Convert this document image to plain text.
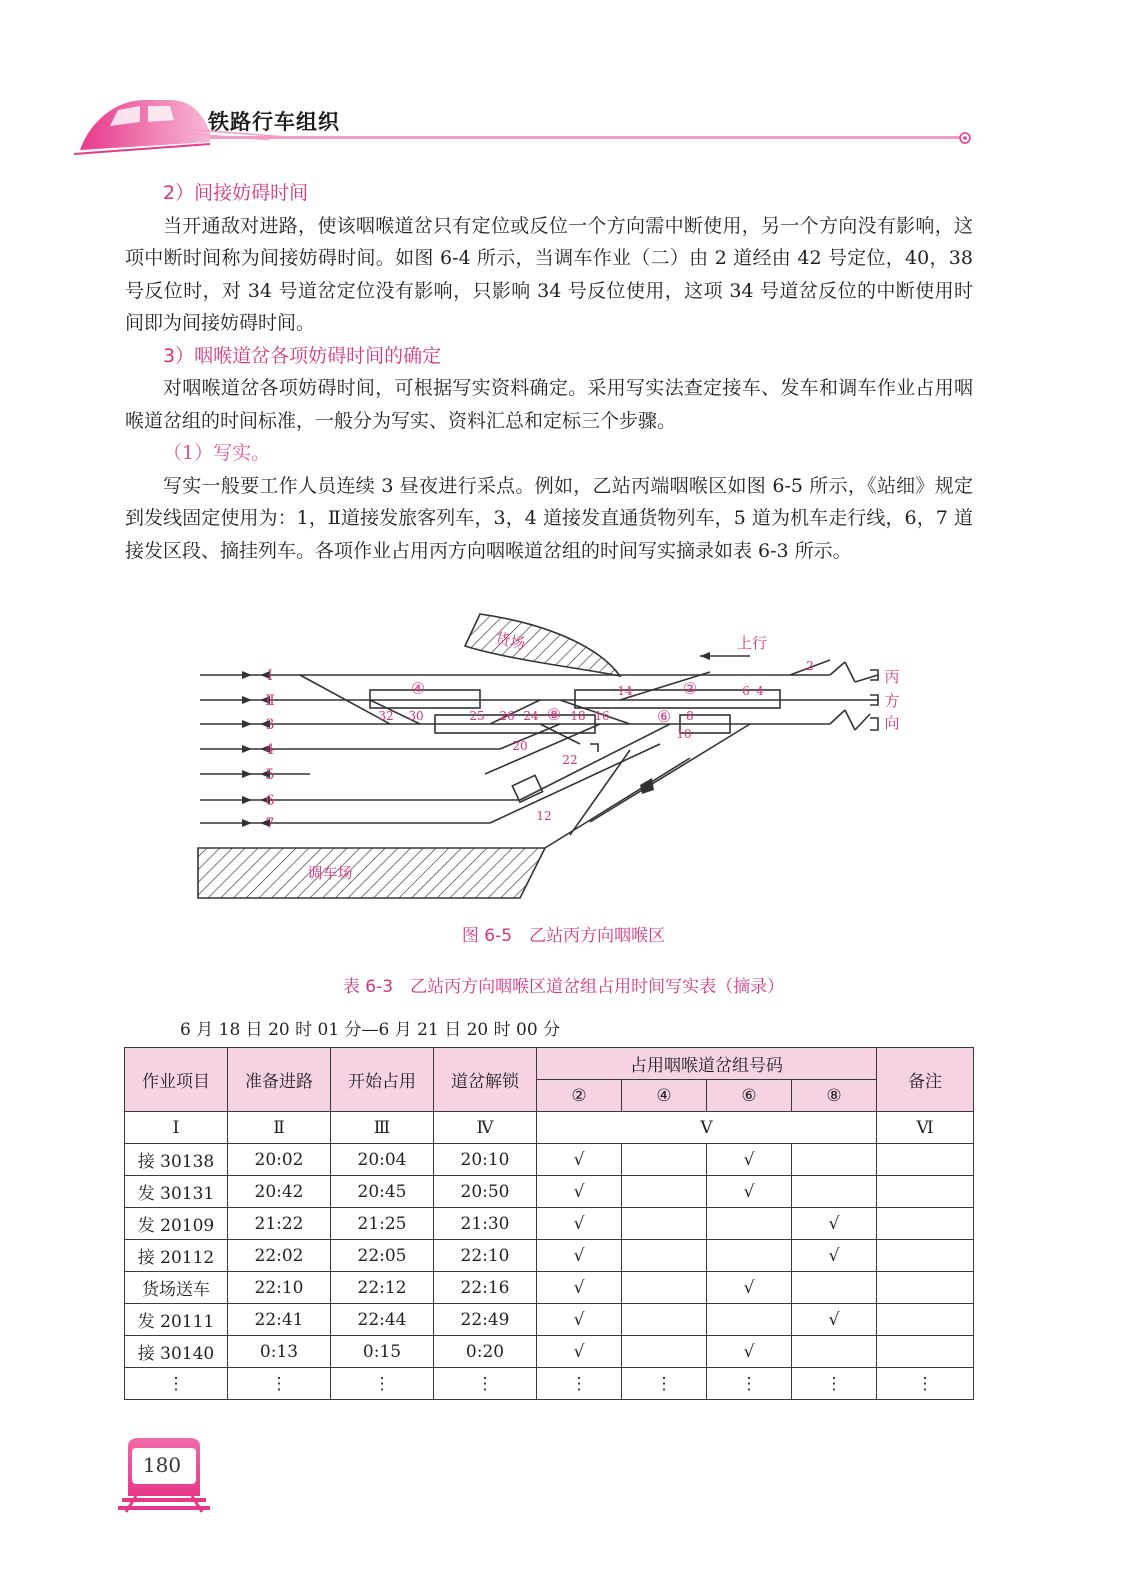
铁路行车组织

2）间接妨碍时间

当开通敌对进路，使该咽喉道岔只有定位或反位一个方向需中断使用，另一个方向没有影响，这项中断时间称为间接妨碍时间。如图 6-4 所示，当调车作业（二）由 2 道经由 42 号定位，40，38 号反位时，对 34 号道岔定位没有影响，只影响 34 号反位使用，这项 34 号道岔反位的中断使用时间即为间接妨碍时间。

3）咽喉道岔各项妨碍时间的确定

对咽喉道岔各项妨碍时间，可根据写实资料确定。采用写实法查定接车、发车和调车作业占用咽喉道岔组的时间标准，一般分为写实、资料汇总和定标三个步骤。

（1）写实。

写实一般要工作人员连续 3 昼夜进行采点。例如，乙站丙端咽喉区如图 6-5 所示，《站细》规定到发线固定使用为：1，Ⅱ道接发旅客列车，3，4 道接发直通货物列车，5 道为机车走行线，6，7 道接发区段、摘挂列车。各项作业占用丙方向咽喉道岔组的时间写实摘录如表 6-3 所示。

Ⅰ
Ⅱ
3
4
5
6
7
货场
调车场
上行
丙
方
向
32 30	25 26 24	18 16
14	6 4
2
8
10
20
22
12
④
⑧
②
⑥
图 6-5　乙站丙方向咽喉区
表 6-3　乙站丙方向咽喉区道岔组占用时间写实表（摘录）
6 月 18 日 20 时 01 分—6 月 21 日 20 时 00 分
作业项目	准备进路	开始占用	道岔解锁	占用咽喉道岔组号码				备注
				②	④	⑥	⑧	
Ⅰ	Ⅱ	Ⅲ	Ⅳ	Ⅴ				Ⅵ
接 30138	20:02	20:04	20:10	√		√		
发 30131	20:42	20:45	20:50	√		√		
发 20109	21:22	21:25	21:30	√			√	
接 20112	22:02	22:05	22:10	√			√	
货场送车	22:10	22:12	22:16	√		√		
发 20111	22:41	22:44	22:49	√			√	
接 30140	0:13	0:15	0:20	√		√		
⋮	⋮	⋮	⋮	⋮	⋮	⋮	⋮	⋮
180
